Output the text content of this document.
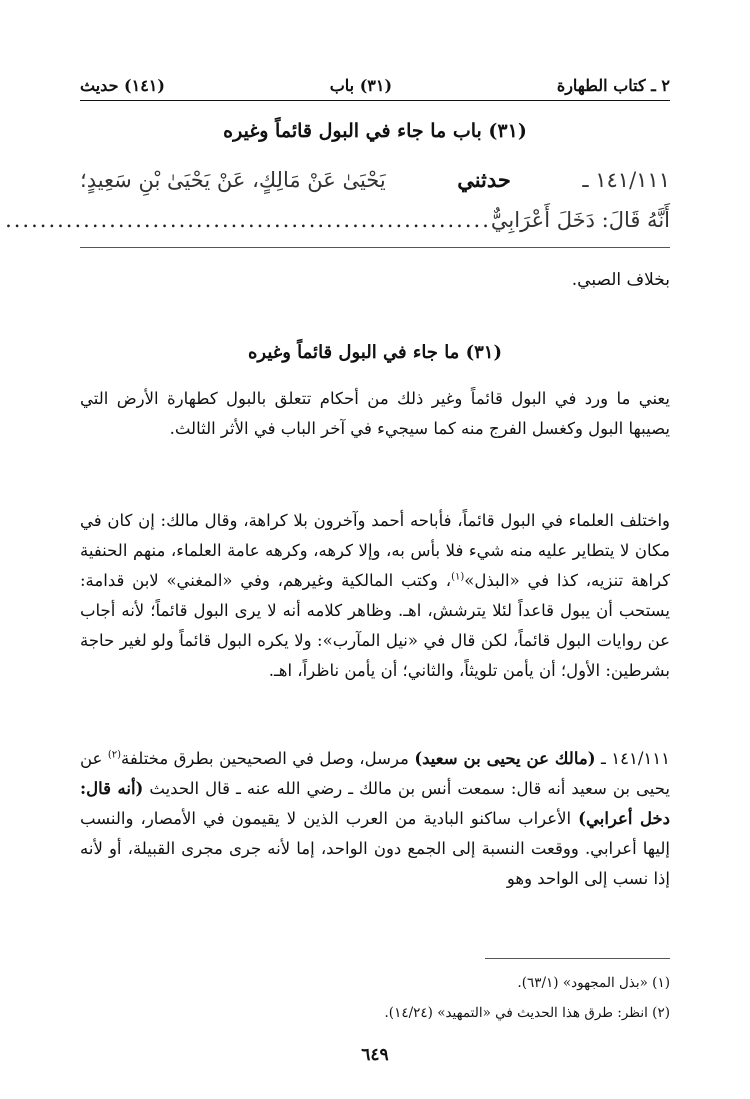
٢ ـ كتاب الطهارة
(٣١) باب
(١٤١) حديث
(٣١) باب ما جاء في البول قائماً وغيره
١٤١/١١١ ـ
حدثني
يَحْيَىٰ عَنْ مَالِكٍ، عَنْ يَحْيَىٰ بْنِ سَعِيدٍ؛
أَنَّهُ قَالَ: دَخَلَ أَعْرَابِيٌّ
........................................................
بخلاف الصبي.
(٣١) ما جاء في البول قائماً وغيره
يعني ما ورد في البول قائماً وغير ذلك من أحكام تتعلق بالبول كطهارة الأرض التي يصيبها البول وكغسل الفرج منه كما سيجيء في آخر الباب في الأثر الثالث.
واختلف العلماء في البول قائماً، فأباحه أحمد وآخرون بلا كراهة، وقال مالك: إن كان في مكان لا يتطاير عليه منه شيء فلا بأس به، وإلا كرهه، وكرهه عامة العلماء، منهم الحنفية كراهة تنزيه، كذا في «البذل»$^{(١)}$، وكتب المالكية وغيرهم، وفي «المغني» لابن قدامة: يستحب أن يبول قاعداً لئلا يترشش، اهـ. وظاهر كلامه أنه لا يرى البول قائماً؛ لأنه أجاب عن روايات البول قائماً، لكن قال في «نيل المآرب»: ولا يكره البول قائماً ولو لغير حاجة بشرطين: الأول؛ أن يأمن تلويثاً، والثاني؛ أن يأمن ناظراً، اهـ.
١٤١/١١١ ـ (مالك عن يحيى بن سعيد) مرسل، وصل في الصحيحين بطرق مختلفة$^{(٢)}$ عن يحيى بن سعيد أنه قال: سمعت أنس بن مالك ـ رضي الله عنه ـ قال الحديث (أنه قال: دخل أعرابي) الأعراب ساكنو البادية من العرب الذين لا يقيمون في الأمصار، والنسب إليها أعرابي. ووقعت النسبة إلى الجمع دون الواحد، إما لأنه جرى مجرى القبيلة، أو لأنه إذا نسب إلى الواحد وهو
(١) «بذل المجهود» (٦٣/١).
(٢) انظر: طرق هذا الحديث في «التمهيد» (١٤/٢٤).
٦٤٩
